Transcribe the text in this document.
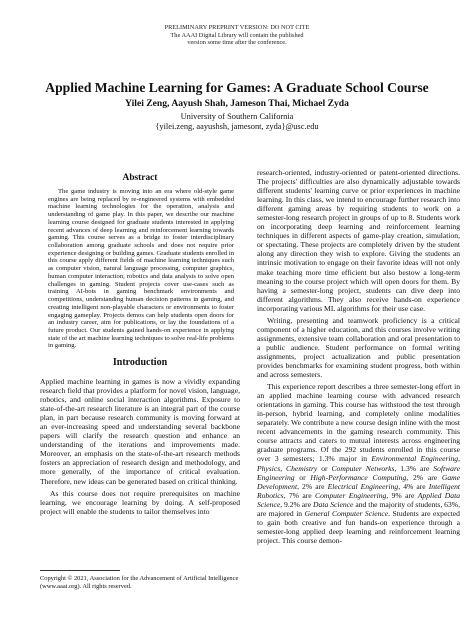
PRELIMINARY PREPRINT VERSION: DO NOT CITE
The AAAI Digital Library will contain the published
version some time after the conference.
Applied Machine Learning for Games: A Graduate School Course
Yilei Zeng, Aayush Shah, Jameson Thai, Michael Zyda
University of Southern California
{yilei.zeng, aayushsh, jamesont, zyda}@usc.edu
Abstract

The game industry is moving into an era where old-style game engines are being replaced by re-engineered systems with embedded machine learning technologies for the operation, analysis and understanding of game play. In this paper, we describe our machine learning course designed for graduate students interested in applying recent advances of deep learning and reinforcement learning towards gaming. This course serves as a bridge to foster interdisciplinary collaboration among graduate schools and does not require prior experience designing or building games. Graduate students enrolled in this course apply different fields of machine learning techniques such as computer vision, natural language processing, computer graphics, human computer interaction, robotics and data analysis to solve open challenges in gaming. Student projects cover use-cases such as training AI-bots in gaming benchmark environments and competitions, understanding human decision patterns in gaming, and creating intelligent non-playable characters or environments to foster engaging gameplay. Projects demos can help students open doors for an industry career, aim for publications, or lay the foundations of a future product. Our students gained hands-on experience in applying state of the art machine learning techniques to solve real-life problems in gaming.

Introduction

Applied machine learning in games is now a vividly expanding research field that provides a platform for novel vision, language, robotics, and online social interaction algorithms. Exposure to state-of-the-art research literature is an integral part of the course plan, in part because research community is moving forward at an ever-increasing speed and understanding several backbone papers will clarify the research question and enhance an understanding of the iterations and improvements made. Moreover, an emphasis on the state-of-the-art research methods fosters an appreciation of research design and methodology, and more generally, of the importance of critical evaluation. Therefore, new ideas can be generated based on critical thinking.

As this course does not require prerequisites on machine learning, we encourage learning by doing. A self-proposed project will enable the students to tailor themselves into

Copyright © 2021, Association for the Advancement of Artificial Intelligence (www.aaai.org). All rights reserved.

research-oriented, industry-oriented or patent-oriented directions. The projects' difficulties are also dynamically adjustable towards different students' learning curve or prior experiences in machine learning. In this class, we intend to encourage further research into different gaming areas by requiring students to work on a semester-long research project in groups of up to 8. Students work on incorporating deep learning and reinforcement learning techniques in different aspects of game-play creation, simulation, or spectating. These projects are completely driven by the student along any direction they wish to explore. Giving the students an intrinsic motivation to engage on their favorite ideas will not only make teaching more time efficient but also bestow a long-term meaning to the course project which will open doors for them. By having a semester-long project, students can dive deep into different algorithms. They also receive hands-on experience incorporating various ML algorithms for their use case.

Writing, presenting and teamwork proficiency is a critical component of a higher education, and this courses involve writing assignments, extensive team collaboration and oral presentation to a public audience. Student performance on formal writing assignments, project actualization and public presentation provides benchmarks for examining student progress, both within and across semesters.

This experience report describes a three semester-long effort in an applied machine learning course with advanced research orientations in gaming. This course has withstood the test through in-person, hybrid learning, and completely online modalities separately. We contribute a new course design inline with the most recent advancements in the gaming research community. This course attracts and caters to mutual interests across engineering graduate programs. Of the 292 students enrolled in this course over 3 semesters; 1.3% major in Environmental Engineering, Physics, Chemistry or Computer Networks, 1.3% are Software Engineering or High-Performance Computing, 2% are Game Development, 2% are Electrical Engineering, 4% are Intelligent Robotics, 7% are Computer Engineering, 9% are Applied Data Science, 9.2% are Data Science and the majority of students, 63%, are majored in General Computer Science. Students are expected to gain both creative and fun hands-on experience through a semester-long applied deep learning and reinforcement learning project. This course demon-
